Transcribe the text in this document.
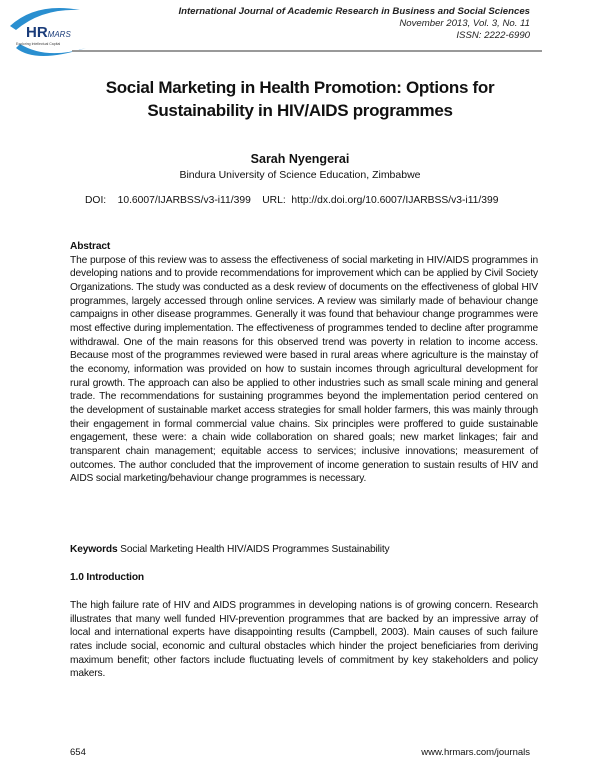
HRMARS
Exploring Intellectual Capital
International Journal of Academic Research in Business and Social Sciences
November 2013, Vol. 3, No. 11
ISSN: 2222-6990
Social Marketing in Health Promotion: Options for Sustainability in HIV/AIDS programmes
Sarah Nyengerai
Bindura University of Science Education, Zimbabwe
DOI:    10.6007/IJARBSS/v3-i11/399    URL:  http://dx.doi.org/10.6007/IJARBSS/v3-i11/399
Abstract
The purpose of this review was to assess the effectiveness of social marketing in HIV/AIDS programmes in developing nations and to provide recommendations for improvement which can be applied by Civil Society Organizations. The study was conducted as a desk review of documents on the effectiveness of global HIV programmes, largely accessed through online services. A review was similarly made of behaviour change campaigns in other disease programmes. Generally it was found that behaviour change programmes were most effective during implementation. The effectiveness of programmes tended to decline after programme withdrawal. One of the main reasons for this observed trend was poverty in relation to income access. Because most of the programmes reviewed were based in rural areas where agriculture is the mainstay of the economy, information was provided on how to sustain incomes through agricultural development for rural growth. The approach can also be applied to other industries such as small scale mining and general trade. The recommendations for sustaining programmes beyond the implementation period centered on the development of sustainable market access strategies for small holder farmers, this was mainly through their engagement in formal commercial value chains. Six principles were proffered to guide sustainable engagement, these were: a chain wide collaboration on shared goals; new market linkages; fair and transparent chain management; equitable access to services; inclusive innovations; measurement of outcomes. The author concluded that the improvement of income generation to sustain results of HIV and AIDS social marketing/behaviour change programmes is necessary.
Keywords Social Marketing Health HIV/AIDS Programmes Sustainability
1.0 Introduction
The high failure rate of HIV and AIDS programmes in developing nations is of growing concern. Research illustrates that many well funded HIV-prevention programmes that are backed by an impressive array of local and international experts have disappointing results (Campbell, 2003). Main causes of such failure rates include social, economic and cultural obstacles which hinder the project beneficiaries from deriving maximum benefit; other factors include fluctuating levels of commitment by key stakeholders and policy makers.
654	www.hrmars.com/journals
